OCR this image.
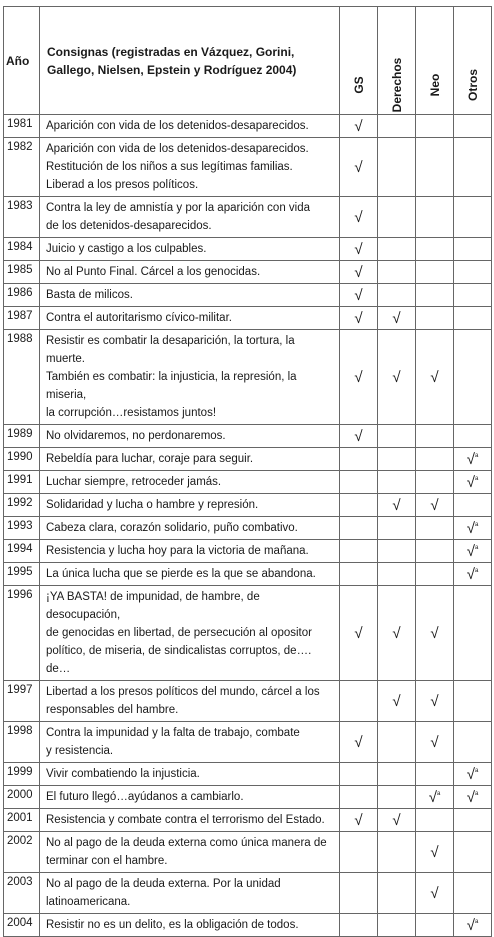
Año	Consignas (registradas en Vázquez, Gorini, Gallego, Nielsen, Epstein y Rodríguez 2004)	GS	Derechos	Neo	Otros

1981	Aparición con vida de los detenidos-desaparecidos.	√			
1982	Aparición con vida de los detenidos-desaparecidos.
Restitución de los niños a sus legítimas familias.
Liberad a los presos políticos.	√			
1983	Contra la ley de amnistía y por la aparición con vida
de los detenidos-desaparecidos.	√			
1984	Juicio y castigo a los culpables.	√			
1985	No al Punto Final. Cárcel a los genocidas.	√			
1986	Basta de milicos.	√			
1987	Contra el autoritarismo cívico-militar.	√	√		
1988	Resistir es combatir la desaparición, la tortura, la muerte.
También es combatir: la injusticia, la represión, la miseria,
la corrupción…resistamos juntos!	√	√	√	
1989	No olvidaremos, no perdonaremos.	√			
1990	Rebeldía para luchar, coraje para seguir.				√$^a$
1991	Luchar siempre, retroceder jamás.				√$^a$
1992	Solidaridad y lucha o hambre y represión.		√	√	
1993	Cabeza clara, corazón solidario, puño combativo.				√$^a$
1994	Resistencia y lucha hoy para la victoria de mañana.				√$^a$
1995	La única lucha que se pierde es la que se abandona.				√$^a$
1996	¡YA BASTA! de impunidad, de hambre, de desocupación,
de genocidas en libertad, de persecución al opositor
político, de miseria, de sindicalistas corruptos, de…. de…	√	√	√	
1997	Libertad a los presos políticos del mundo, cárcel a los
responsables del hambre.		√	√	
1998	Contra la impunidad y la falta de trabajo, combate
y resistencia.	√		√	
1999	Vivir combatiendo la injusticia.				√$^a$
2000	El futuro llegó…ayúdanos a cambiarlo.			√$^a$	√$^a$
2001	Resistencia y combate contra el terrorismo del Estado.	√	√		
2002	No al pago de la deuda externa como única manera de
terminar con el hambre.			√	
2003	No al pago de la deuda externa. Por la unidad
latinoamericana.			√	
2004	Resistir no es un delito, es la obligación de todos.				√$^a$
